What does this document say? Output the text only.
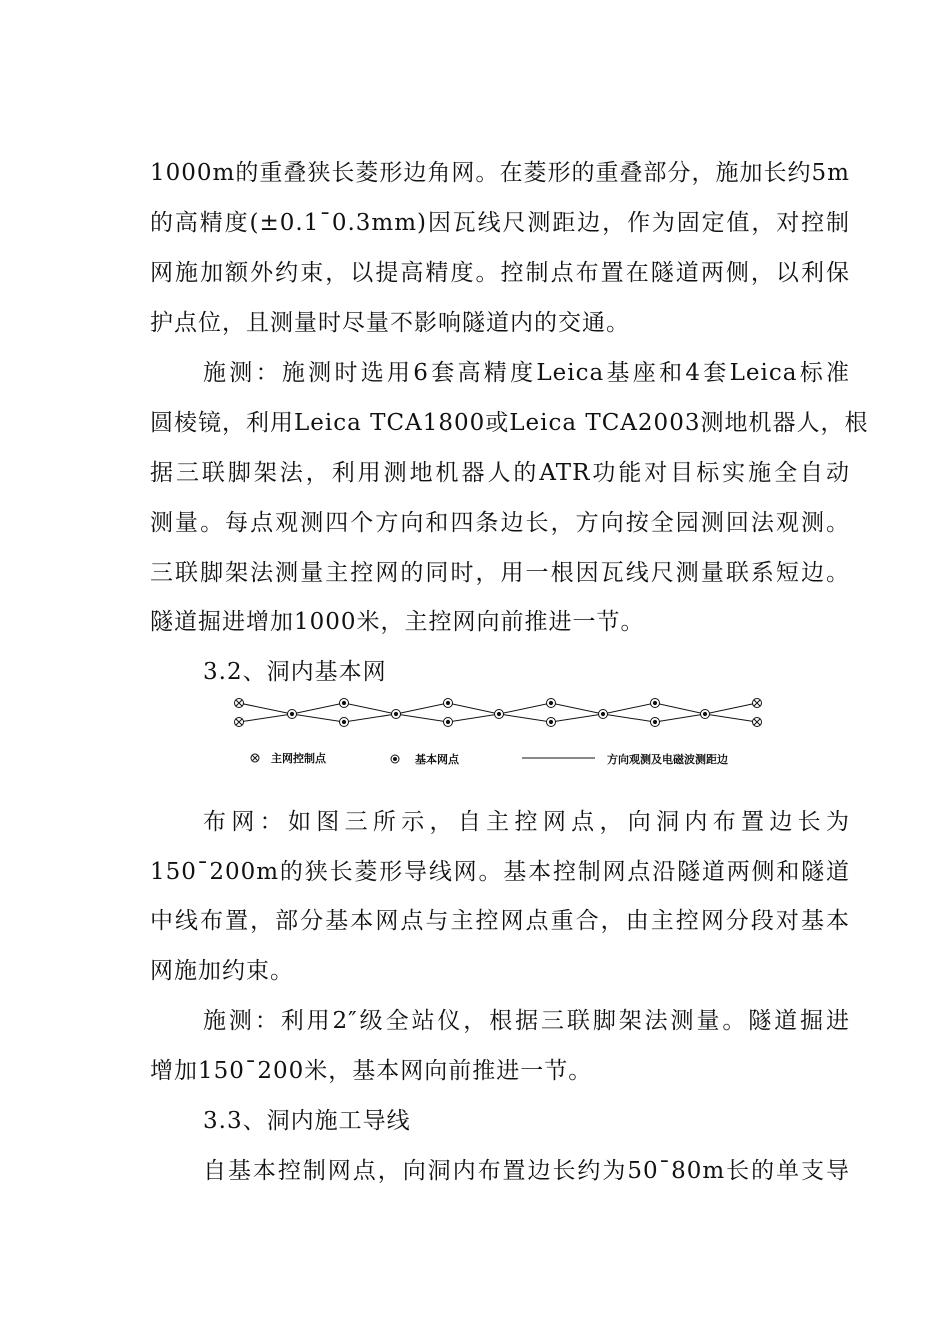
1000m的重叠狭长菱形边角网。在菱形的重叠部分，施加长约5m
的高精度(±0.1¯0.3mm)因瓦线尺测距边，作为固定值，对控制
网施加额外约束，以提高精度。控制点布置在隧道两侧，以利保
护点位，且测量时尽量不影响隧道内的交通。
施测：施测时选用6套高精度Leica基座和4套Leica标准
圆棱镜，利用Leica TCA1800或Leica TCA2003测地机器人，根
据三联脚架法，利用测地机器人的ATR功能对目标实施全自动
测量。每点观测四个方向和四条边长，方向按全园测回法观测。
三联脚架法测量主控网的同时，用一根因瓦线尺测量联系短边。
隧道掘进增加1000米，主控网向前推进一节。
3.2、洞内基本网
主网控制点	基本网点	方向观测及电磁波测距边
布网：如图三所示，自主控网点，向洞内布置边长为
150¯200m的狭长菱形导线网。基本控制网点沿隧道两侧和隧道
中线布置，部分基本网点与主控网点重合，由主控网分段对基本
网施加约束。
施测：利用2″级全站仪，根据三联脚架法测量。隧道掘进
增加150¯200米，基本网向前推进一节。
3.3、洞内施工导线
自基本控制网点，向洞内布置边长约为50¯80m长的单支导
